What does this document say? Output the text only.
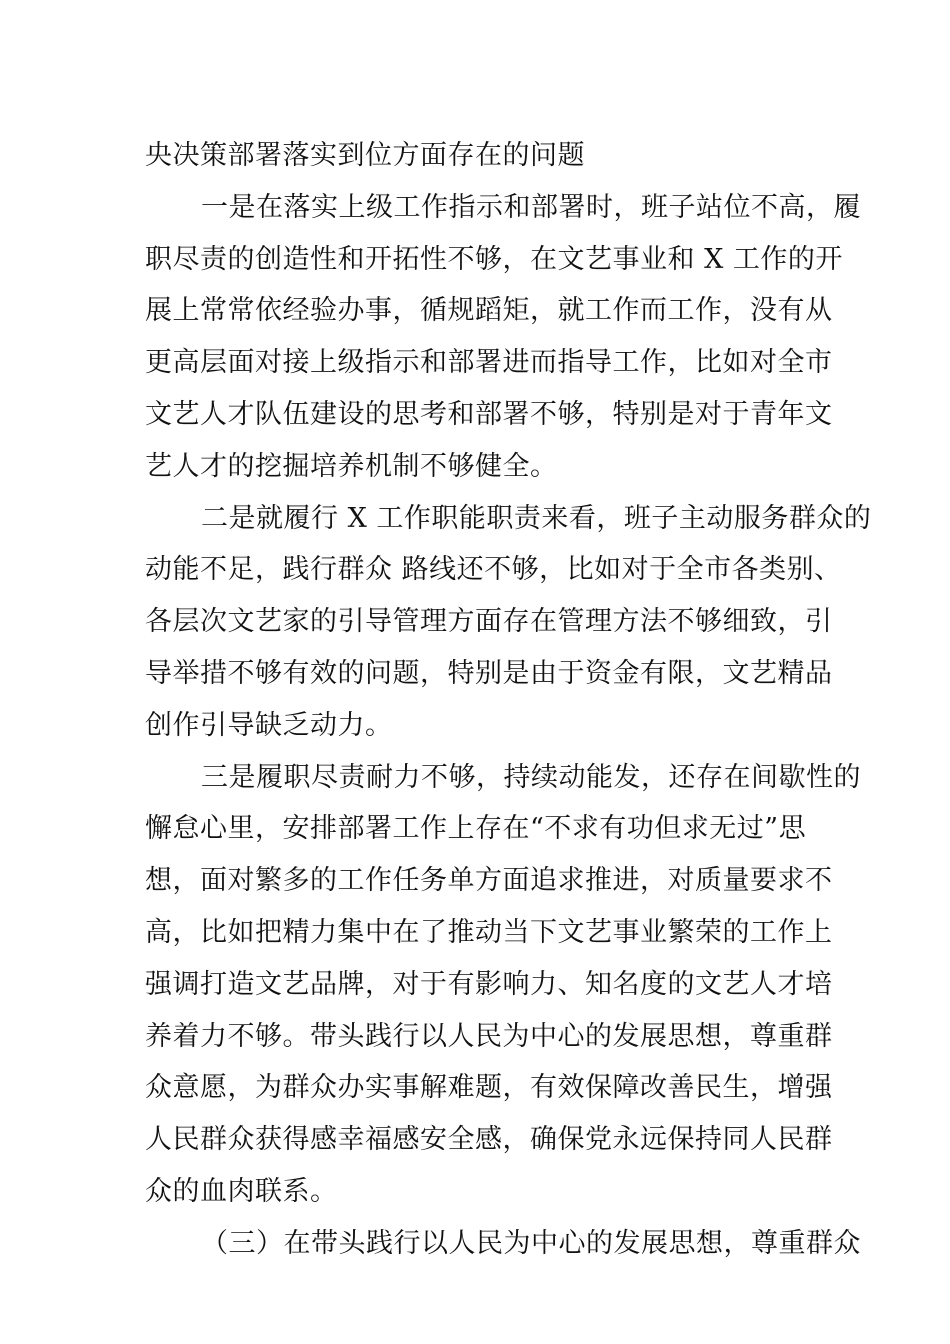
央决策部署落实到位方面存在的问题
一是在落实上级工作指示和部署时，班子站位不高，履
职尽责的创造性和开拓性不够，在文艺事业和 X 工作的开
展上常常依经验办事，循规蹈矩，就工作而工作，没有从
更高层面对接上级指示和部署进而指导工作，比如对全市
文艺人才队伍建设的思考和部署不够，特别是对于青年文
艺人才的挖掘培养机制不够健全。
二是就履行 X 工作职能职责来看，班子主动服务群众的
动能不足，践行群众 路线还不够，比如对于全市各类别、
各层次文艺家的引导管理方面存在管理方法不够细致，引
导举措不够有效的问题，特别是由于资金有限，文艺精品
创作引导缺乏动力。
三是履职尽责耐力不够，持续动能发，还存在间歇性的
懈怠心里，安排部署工作上存在“不求有功但求无过”思
想，面对繁多的工作任务单方面追求推进，对质量要求不
高，比如把精力集中在了推动当下文艺事业繁荣的工作上
强调打造文艺品牌，对于有影响力、知名度的文艺人才培
养着力不够。带头践行以人民为中心的发展思想，尊重群
众意愿，为群众办实事解难题，有效保障改善民生，增强
人民群众获得感幸福感安全感，确保党永远保持同人民群
众的血肉联系。
（三）在带头践行以人民为中心的发展思想，尊重群众
